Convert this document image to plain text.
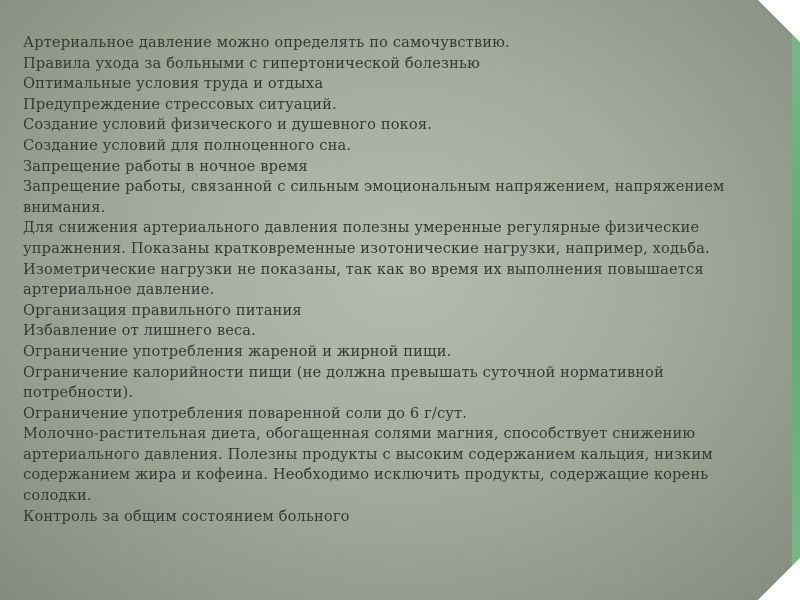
Артериальное давление можно определять по самочувствию.
Правила ухода за больными с гипертонической болезнью
Оптимальные условия труда и отдыха
Предупреждение стрессовых ситуаций.
Создание условий физического и душевного покоя.
Создание условий для полноценного сна.
Запрещение работы в ночное время
Запрещение работы, связанной с сильным эмоциональным напряжением, напряжением внимания.
Для снижения артериального давления полезны умеренные регулярные физические упражнения. Показаны кратковременные изотонические нагрузки, например, ходьба. Изометрические нагрузки не показаны, так как во время их выполнения повышается артериальное давление.
Организация правильного питания
Избавление от лишнего веса.
Ограничение употребления жареной и жирной пищи.
Ограничение калорийности пищи (не должна превышать суточной нормативной потребности).
Ограничение употребления поваренной соли до 6 г/сут.
Молочно-растительная диета, обогащенная солями магния, способствует снижению артериального давления. Полезны продукты с высоким содержанием кальция, низким содержанием жира и кофеина. Необходимо исключить продукты, содержащие корень солодки.
Контроль за общим состоянием больного
